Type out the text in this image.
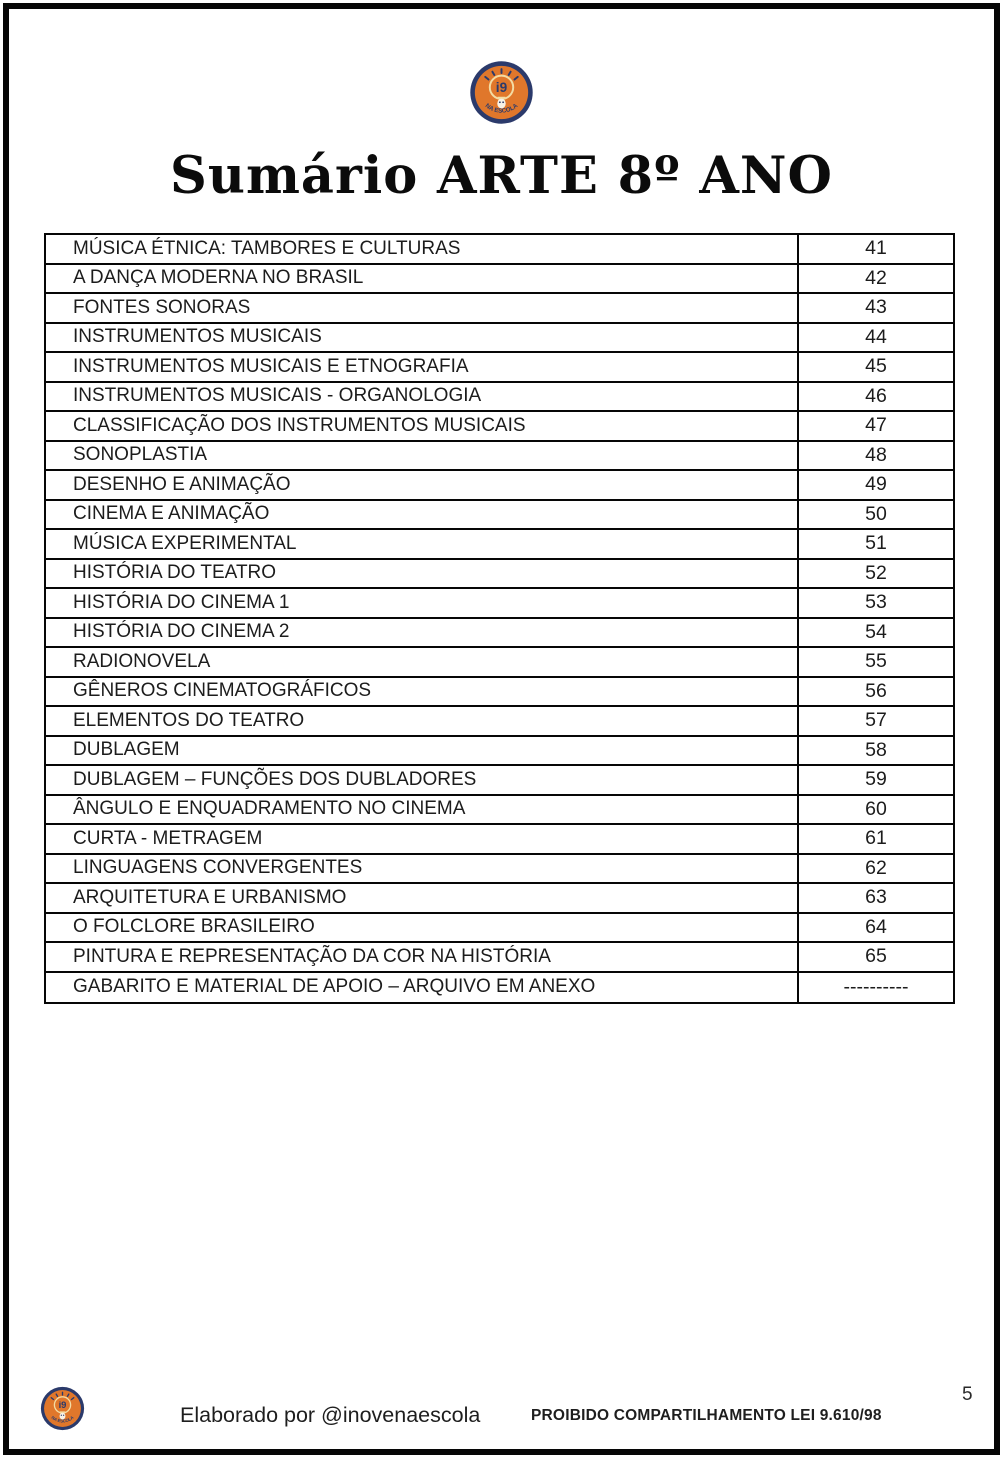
i9
NA ESCOLA
Sumário ARTE 8º ANO
MÚSICA ÉTNICA: TAMBORES E CULTURAS	41
A DANÇA MODERNA NO BRASIL	42
FONTES SONORAS	43
INSTRUMENTOS MUSICAIS	44
INSTRUMENTOS MUSICAIS E ETNOGRAFIA	45
INSTRUMENTOS MUSICAIS - ORGANOLOGIA	46
CLASSIFICAÇÃO DOS INSTRUMENTOS MUSICAIS	47
SONOPLASTIA	48
DESENHO E ANIMAÇÃO	49
CINEMA E ANIMAÇÃO	50
MÚSICA EXPERIMENTAL	51
HISTÓRIA DO TEATRO	52
HISTÓRIA DO CINEMA 1	53
HISTÓRIA DO CINEMA 2	54
RADIONOVELA	55
GÊNEROS CINEMATOGRÁFICOS	56
ELEMENTOS DO TEATRO	57
DUBLAGEM	58
DUBLAGEM – FUNÇÕES DOS DUBLADORES	59
ÂNGULO E ENQUADRAMENTO NO CINEMA	60
CURTA - METRAGEM	61
LINGUAGENS CONVERGENTES	62
ARQUITETURA E URBANISMO	63
O FOLCLORE BRASILEIRO	64
PINTURA E REPRESENTAÇÃO DA COR NA HISTÓRIA	65
GABARITO E MATERIAL DE APOIO – ARQUIVO EM ANEXO	----------
i9
NA ESCOLA	Elaborado por @inovenaescola	PROIBIDO COMPARTILHAMENTO LEI 9.610/98
5
